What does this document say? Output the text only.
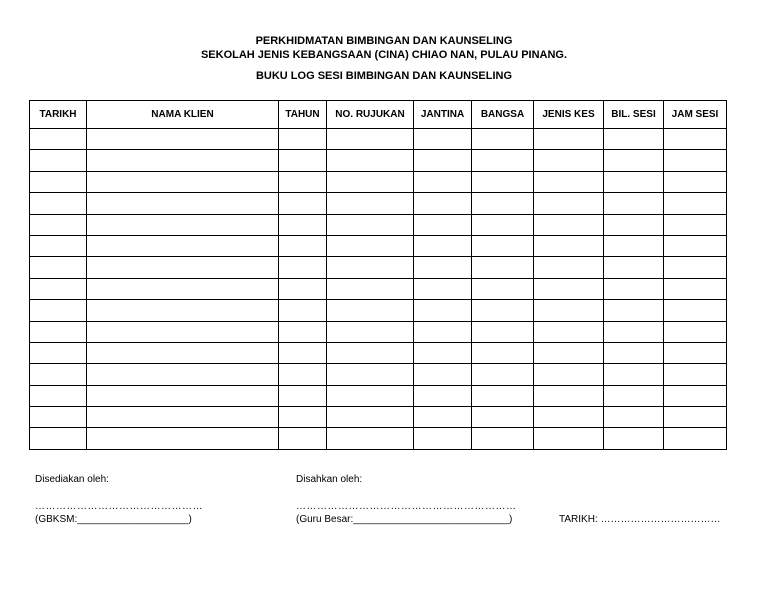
PERKHIDMATAN BIMBINGAN DAN KAUNSELING
SEKOLAH JENIS KEBANGSAAN (CINA) CHIAO NAN, PULAU PINANG.
BUKU LOG SESI BIMBINGAN DAN KAUNSELING
TARIKH	NAMA KLIEN	TAHUN	NO. RUJUKAN	JANTINA	BANGSA	JENIS KES	BIL. SESI	JAM SESI

Disediakan oleh:
…………………………………………
(GBKSM:____________________)
Disahkan oleh:
………………………………………………………
(Guru Besar:____________________________)	TARIKH: ………………………………
